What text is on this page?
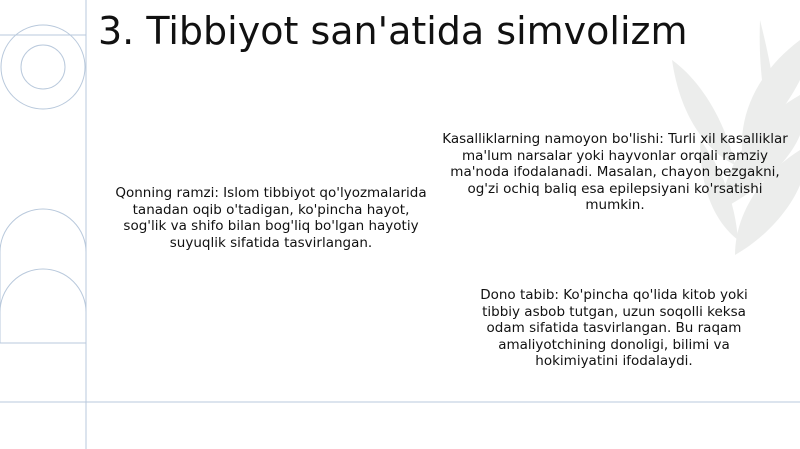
3. Tibbiyot san'atida simvolizm
Qonning ramzi: Islom tibbiyot qo'lyozmalarida tanadan oqib o'tadigan, ko'pincha hayot, sog'lik va shifo bilan bog'liq bo'lgan hayotiy suyuqlik sifatida tasvirlangan.
Kasalliklarning namoyon bo'lishi: Turli xil kasalliklar ma'lum narsalar yoki hayvonlar orqali ramziy ma'noda ifodalanadi. Masalan, chayon bezgakni, og'zi ochiq baliq esa epilepsiyani ko'rsatishi mumkin.
Dono tabib: Ko'pincha qo'lida kitob yoki tibbiy asbob tutgan, uzun soqolli keksa odam sifatida tasvirlangan. Bu raqam amaliyotchining donoligi, bilimi va hokimiyatini ifodalaydi.
